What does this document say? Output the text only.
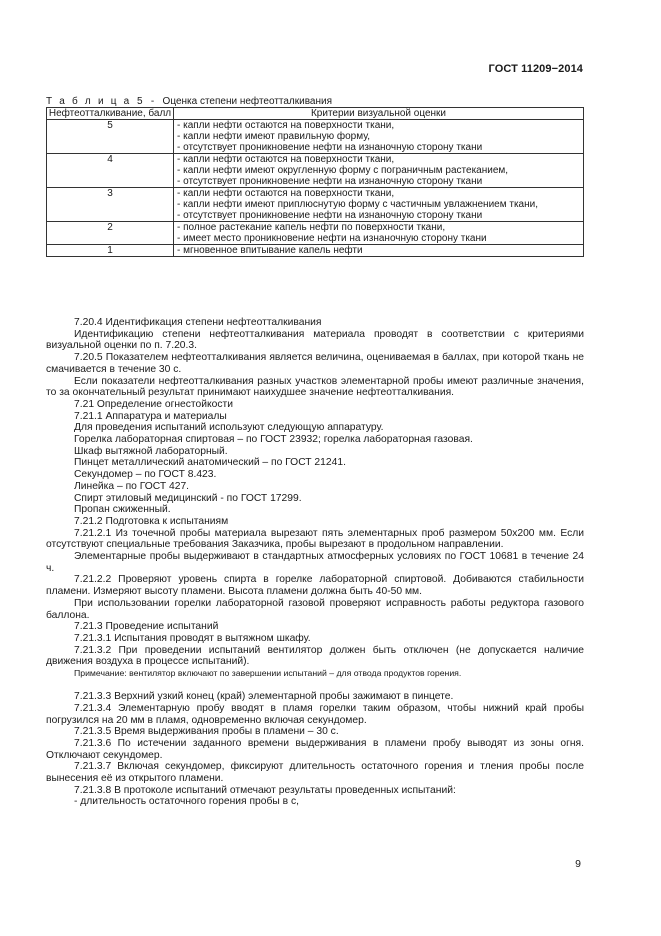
ГОСТ 11209−2014
Т а б л и ц а 5 - Оценка степени нефтеотталкивания
Нефтеотталкивание, балл	Критерии визуальной оценки
5	- капли нефти остаются на поверхности ткани,
- капли нефти имеют правильную форму,
- отсутствует проникновение нефти на изнаночную сторону ткани

4	- капли нефти остаются на поверхности ткани,
- капли нефти имеют округленную форму с пограничным растеканием,
- отсутствует проникновение нефти на изнаночную сторону ткани

3	- капли нефти остаются на поверхности ткани,
- капли нефти имеют приплюснутую форму с частичным увлажнением ткани,
- отсутствует проникновение нефти на изнаночную сторону ткани

2	- полное растекание капель нефти по поверхности ткани,
- имеет место проникновение нефти на изнаночную сторону ткани

1	- мгновенное впитывание капель нефти

7.20.4 Идентификация степени нефтеотталкивания

Идентификацию степени нефтеотталкивания материала проводят в соответствии с критериями визуальной оценки по п. 7.20.3.

7.20.5 Показателем нефтеотталкивания является величина, оцениваемая в баллах, при которой ткань не смачивается в течение 30 с.

Если показатели нефтеотталкивания разных участков элементарной пробы имеют различные значения, то за окончательный результат принимают наихудшее значение нефтеотталкивания.

7.21 Определение огнестойкости

7.21.1 Аппаратура и материалы

Для проведения испытаний используют следующую аппаратуру.

Горелка лабораторная спиртовая – по ГОСТ 23932; горелка лабораторная газовая.

Шкаф вытяжной лабораторный.

Пинцет металлический анатомический – по ГОСТ 21241.

Секундомер – по ГОСТ 8.423.

Линейка – по ГОСТ 427.

Спирт этиловый медицинский - по ГОСТ 17299.

Пропан сжиженный.

7.21.2 Подготовка к испытаниям

7.21.2.1 Из точечной пробы материала вырезают пять элементарных проб размером 50х200 мм. Если отсутствуют специальные требования Заказчика, пробы вырезают в продольном направлении.

Элементарные пробы выдерживают в стандартных атмосферных условиях по ГОСТ 10681 в течение 24 ч.

7.21.2.2 Проверяют уровень спирта в горелке лабораторной спиртовой. Добиваются стабильности пламени. Измеряют высоту пламени. Высота пламени должна быть 40-50 мм.

При использовании горелки лабораторной газовой проверяют исправность работы редуктора газового баллона.

7.21.3 Проведение испытаний

7.21.3.1 Испытания проводят в вытяжном шкафу.

7.21.3.2 При проведении испытаний вентилятор должен быть отключен (не допускается наличие движения воздуха в процессе испытаний).

Примечание: вентилятор включают по завершении испытаний – для отвода продуктов горения.

7.21.3.3 Верхний узкий конец (край) элементарной пробы зажимают в пинцете.

7.21.3.4 Элементарную пробу вводят в пламя горелки таким образом, чтобы нижний край пробы погрузился на 20 мм в пламя, одновременно включая секундомер.

7.21.3.5 Время выдерживания пробы в пламени – 30 с.

7.21.3.6 По истечении заданного времени выдерживания в пламени пробу выводят из зоны огня. Отключают секундомер.

7.21.3.7 Включая секундомер, фиксируют длительность остаточного горения и тления пробы после вынесения её из открытого пламени.

7.21.3.8 В протоколе испытаний отмечают результаты проведенных испытаний:

- длительность остаточного горения пробы в с,

9
